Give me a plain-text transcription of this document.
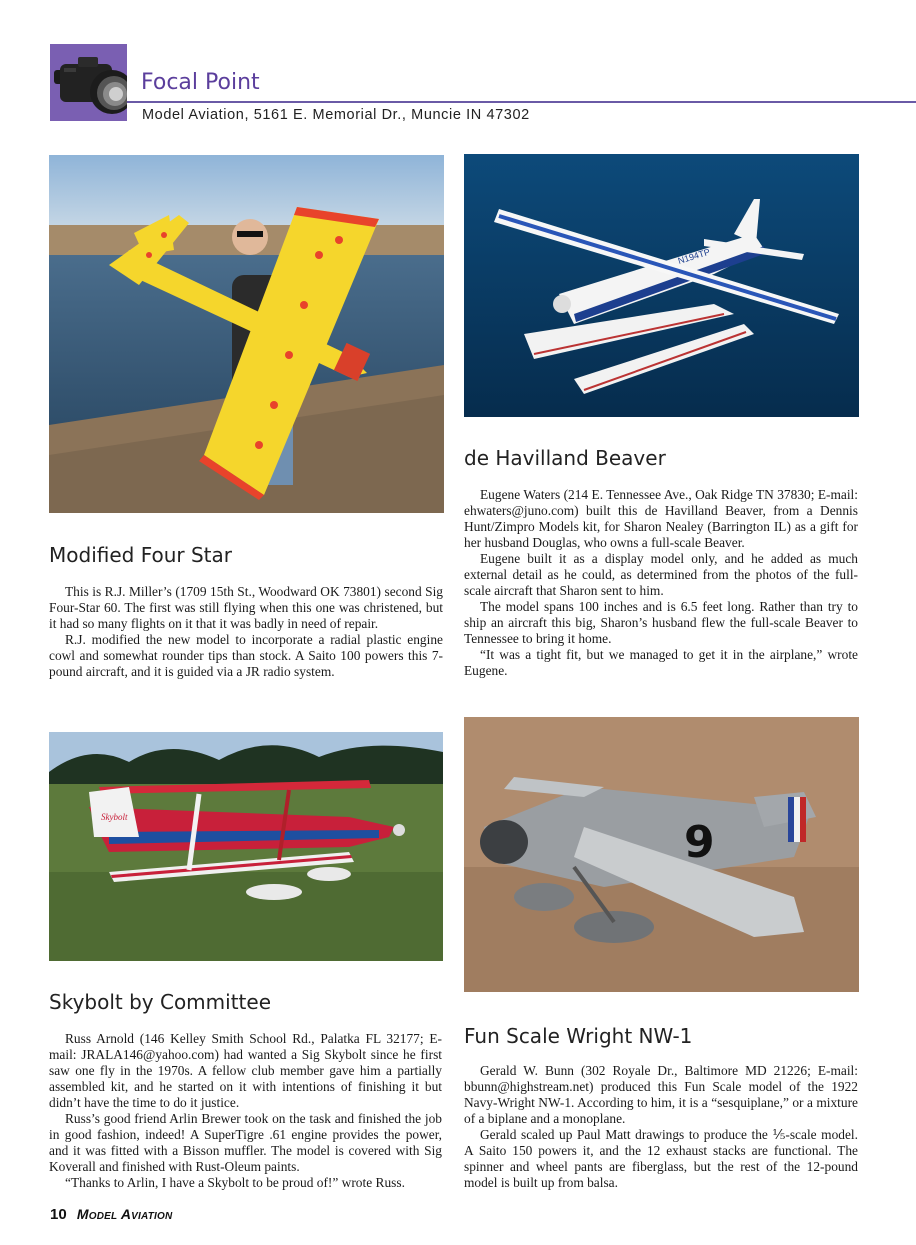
Focal Point
Model Aviation, 5161 E. Memorial Dr., Muncie IN 47302
N194TP
de Havilland Beaver

Eugene Waters (214 E. Tennessee Ave., Oak Ridge TN 37830; E-mail: ehwaters@juno.com) built this de Havilland Beaver, from a Dennis Hunt/Zimpro Models kit, for Sharon Nealey (Barrington IL) as a gift for her husband Douglas, who owns a full-scale Beaver.

Eugene built it as a display model only, and he added as much external detail as he could, as determined from the photos of the full-scale aircraft that Sharon sent to him.

The model spans 100 inches and is 6.5 feet long. Rather than try to ship an aircraft this big, Sharon’s husband flew the full-scale Beaver to Tennessee to bring it home.

“It was a tight fit, but we managed to get it in the airplane,” wrote Eugene.

Modified Four Star

This is R.J. Miller’s (1709 15th St., Woodward OK 73801) second Sig Four-Star 60. The first was still flying when this one was christened, but it had so many flights on it that it was badly in need of repair.

R.J. modified the new model to incorporate a radial plastic engine cowl and somewhat rounder tips than stock. A Saito 100 powers this 7-pound aircraft, and it is guided via a JR radio system.

Skybolt	9
Skybolt by Committee

Russ Arnold (146 Kelley Smith School Rd., Palatka FL 32177; E-mail: JRALA146@yahoo.com) had wanted a Sig Skybolt since he first saw one fly in the 1970s. A fellow club member gave him a partially assembled kit, and he started on it with intentions of finishing it but didn’t have the time to do it justice.

Russ’s good friend Arlin Brewer took on the task and finished the job in good fashion, indeed! A SuperTigre .61 engine provides the power, and it was fitted with a Bisson muffler. The model is covered with Sig Koverall and finished with Rust-Oleum paints.

“Thanks to Arlin, I have a Skybolt to be proud of!” wrote Russ.

Fun Scale Wright NW-1

Gerald W. Bunn (302 Royale Dr., Baltimore MD 21226; E-mail: bbunn@highstream.net) produced this Fun Scale model of the 1922 Navy-Wright NW-1. According to him, it is a “sesquiplane,” or a mixture of a biplane and a monoplane.

Gerald scaled up Paul Matt drawings to produce the ⅕-scale model. A Saito 150 powers it, and the 12 exhaust stacks are functional. The spinner and wheel pants are fiberglass, but the rest of the 12-pound model is built up from balsa.

10 Model Aviation
